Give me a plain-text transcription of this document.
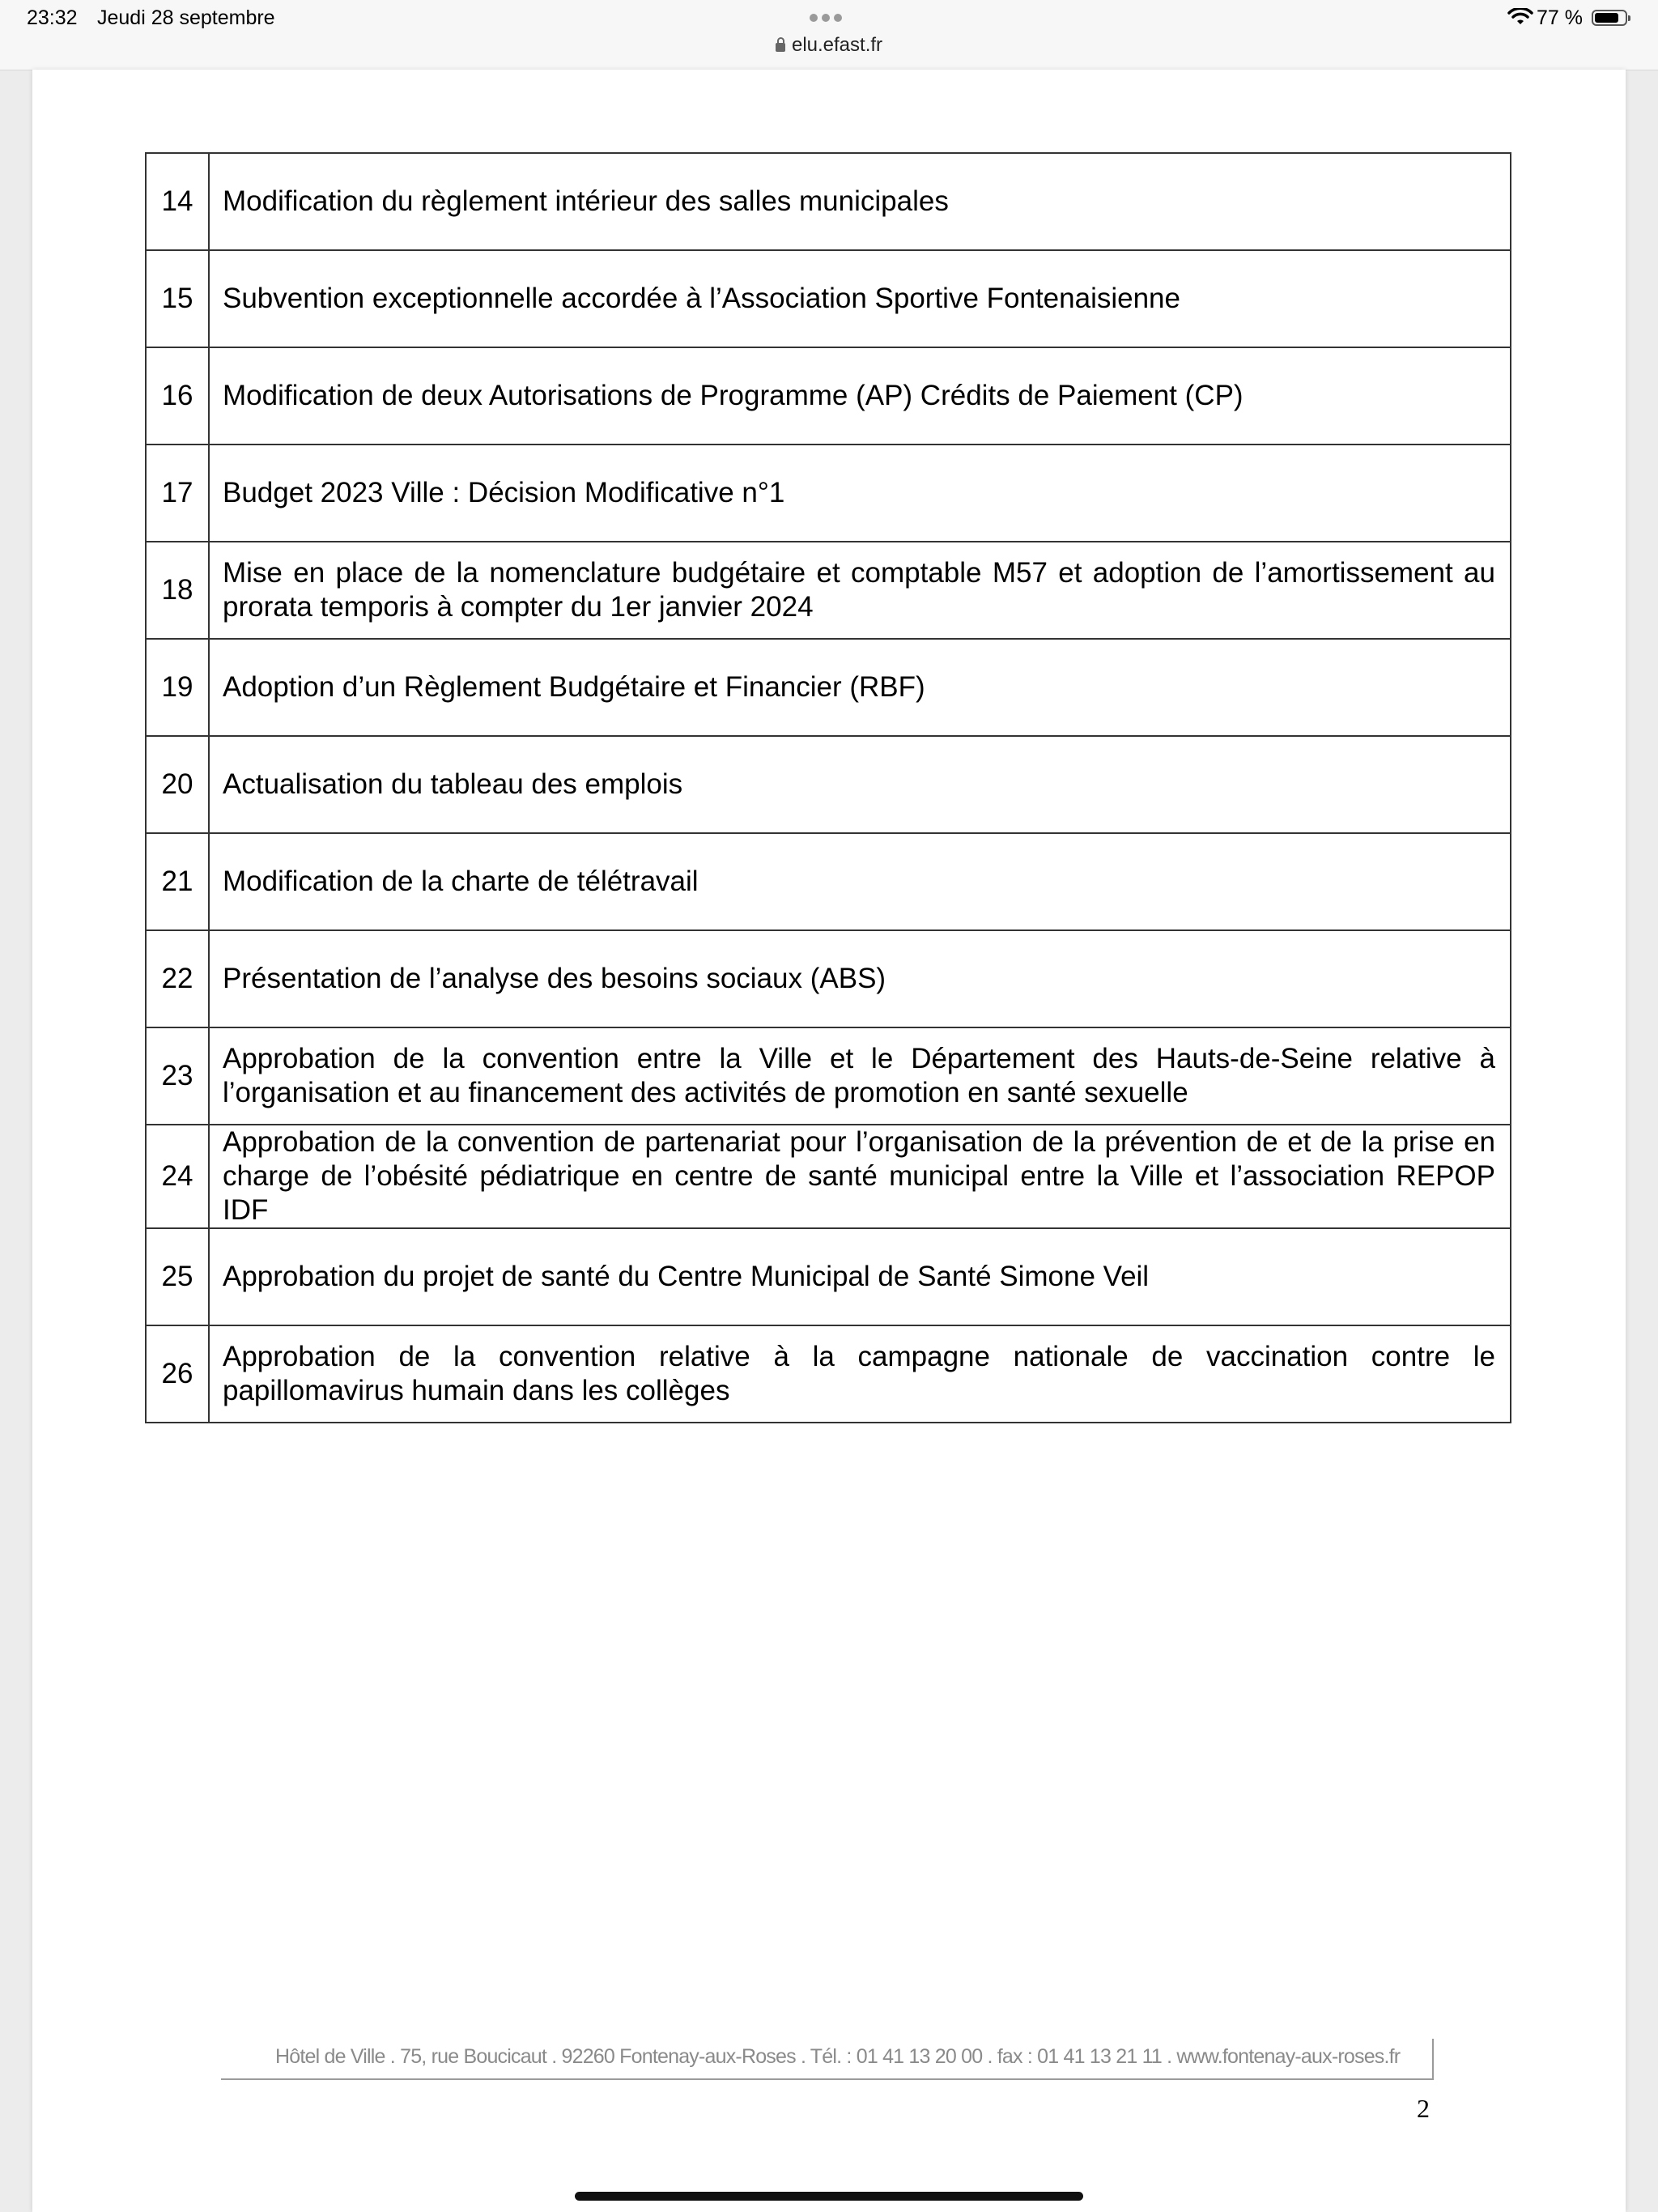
23:32 Jeudi 28 septembre
elu.efast.fr
77 %
14	Modification du règlement intérieur des salles municipales
15	Subvention exceptionnelle accordée à l’Association Sportive Fontenaisienne
16	Modification de deux Autorisations de Programme (AP) Crédits de Paiement (CP)
17	Budget 2023 Ville : Décision Modificative n°1
18	Mise en place de la nomenclature budgétaire et comptable M57 et adoption de l’amortissement au prorata temporis à compter du 1er janvier 2024
19	Adoption d’un Règlement Budgétaire et Financier (RBF)
20	Actualisation du tableau des emplois
21	Modification de la charte de télétravail
22	Présentation de l’analyse des besoins sociaux (ABS)
23	Approbation de la convention entre la Ville et le Département des Hauts-de-Seine relative à l’organisation et au financement des activités de promotion en santé sexuelle
24	Approbation de la convention de partenariat pour l’organisation de la prévention de et de la prise en charge de l’obésité pédiatrique en centre de santé municipal entre la Ville et l’association REPOP IDF
25	Approbation du projet de santé du Centre Municipal de Santé Simone Veil
26	Approbation de la convention relative à la campagne nationale de vaccination contre le papillomavirus humain dans les collèges
Hôtel de Ville . 75, rue Boucicaut . 92260 Fontenay-aux-Roses . Tél. : 01 41 13 20 00 . fax : 01 41 13 21 11 . www.fontenay-aux-roses.fr
2
